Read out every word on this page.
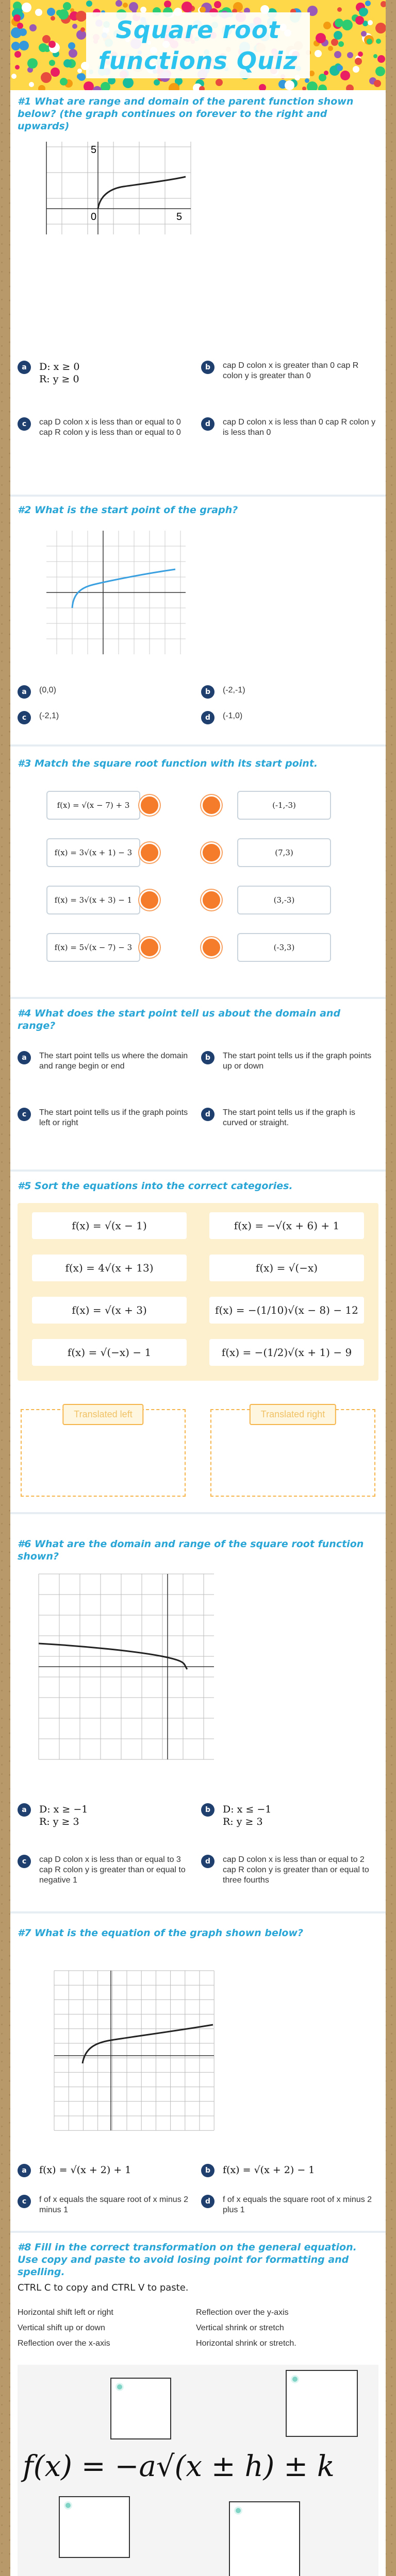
Square root
functions Quiz
#1 What are range and domain of the parent function shown below? (the graph continues on forever to the right and upwards)
5
0	5
a	D: x ≥ 0
R: y ≥ 0
b	cap D colon x is greater than 0 cap R colon y is greater than 0
c	cap D colon x is less than or equal to 0 cap R colon y is less than or equal to 0
d	cap D colon x is less than 0 cap R colon y is less than 0
#2 What is the start point of the graph?
a	(0,0)	b	(-2,-1)
c	(-2,1)	d	(-1,0)
#3 Match the square root function with its start point.
f(x) = √(x − 7) + 3	(-1,-3)
f(x) = 3√(x + 1) − 3	(7,3)
f(x) = 3√(x + 3) − 1	(3,-3)
f(x) = 5√(x − 7) − 3	(-3,3)
#4 What does the start point tell us about the domain and range?
a	The start point tells us where the domain and range begin or end
b	The start point tells us if the graph points up or down
c	The start point tells us if the graph points left or right
d	The start point tells us if the graph is curved or straight.
#5 Sort the equations into the correct categories.
f(x) = √(x − 1)	f(x) = −√(x + 6) + 1
f(x) = 4√(x + 13)	f(x) = √(−x)
f(x) = √(x + 3)	f(x) = −(1/10)√(x − 8) − 12
f(x) = √(−x) − 1	f(x) = −(1/2)√(x + 1) − 9
Translated left	Translated right
#6 What are the domain and range of the square root function shown?
a	D: x ≥ −1
R: y ≥ 3
b	D: x ≤ −1
R: y ≥ 3
c	cap D colon x is less than or equal to 3 cap R colon y is greater than or equal to negative 1
d	cap D colon x is less than or equal to 2 cap R colon y is greater than or equal to three fourths
#7 What is the equation of the graph shown below?
a	f(x) = √(x + 2) + 1	b	f(x) = √(x + 2) − 1
c	f of x equals the square root of x minus 2 minus 1
d	f of x equals the square root of x minus 2 plus 1
#8 Fill in the correct transformation on the general equation. Use copy and paste to avoid losing point for formatting and spelling.
CTRL C to copy and CTRL V to paste.
Horizontal shift left or right	Reflection over the y-axis
Vertical shift up or down	Vertical shrink or stretch
Reflection over the x-axis	Horizontal shrink or stretch.
f(x) = −a√(x ± h) ± k
